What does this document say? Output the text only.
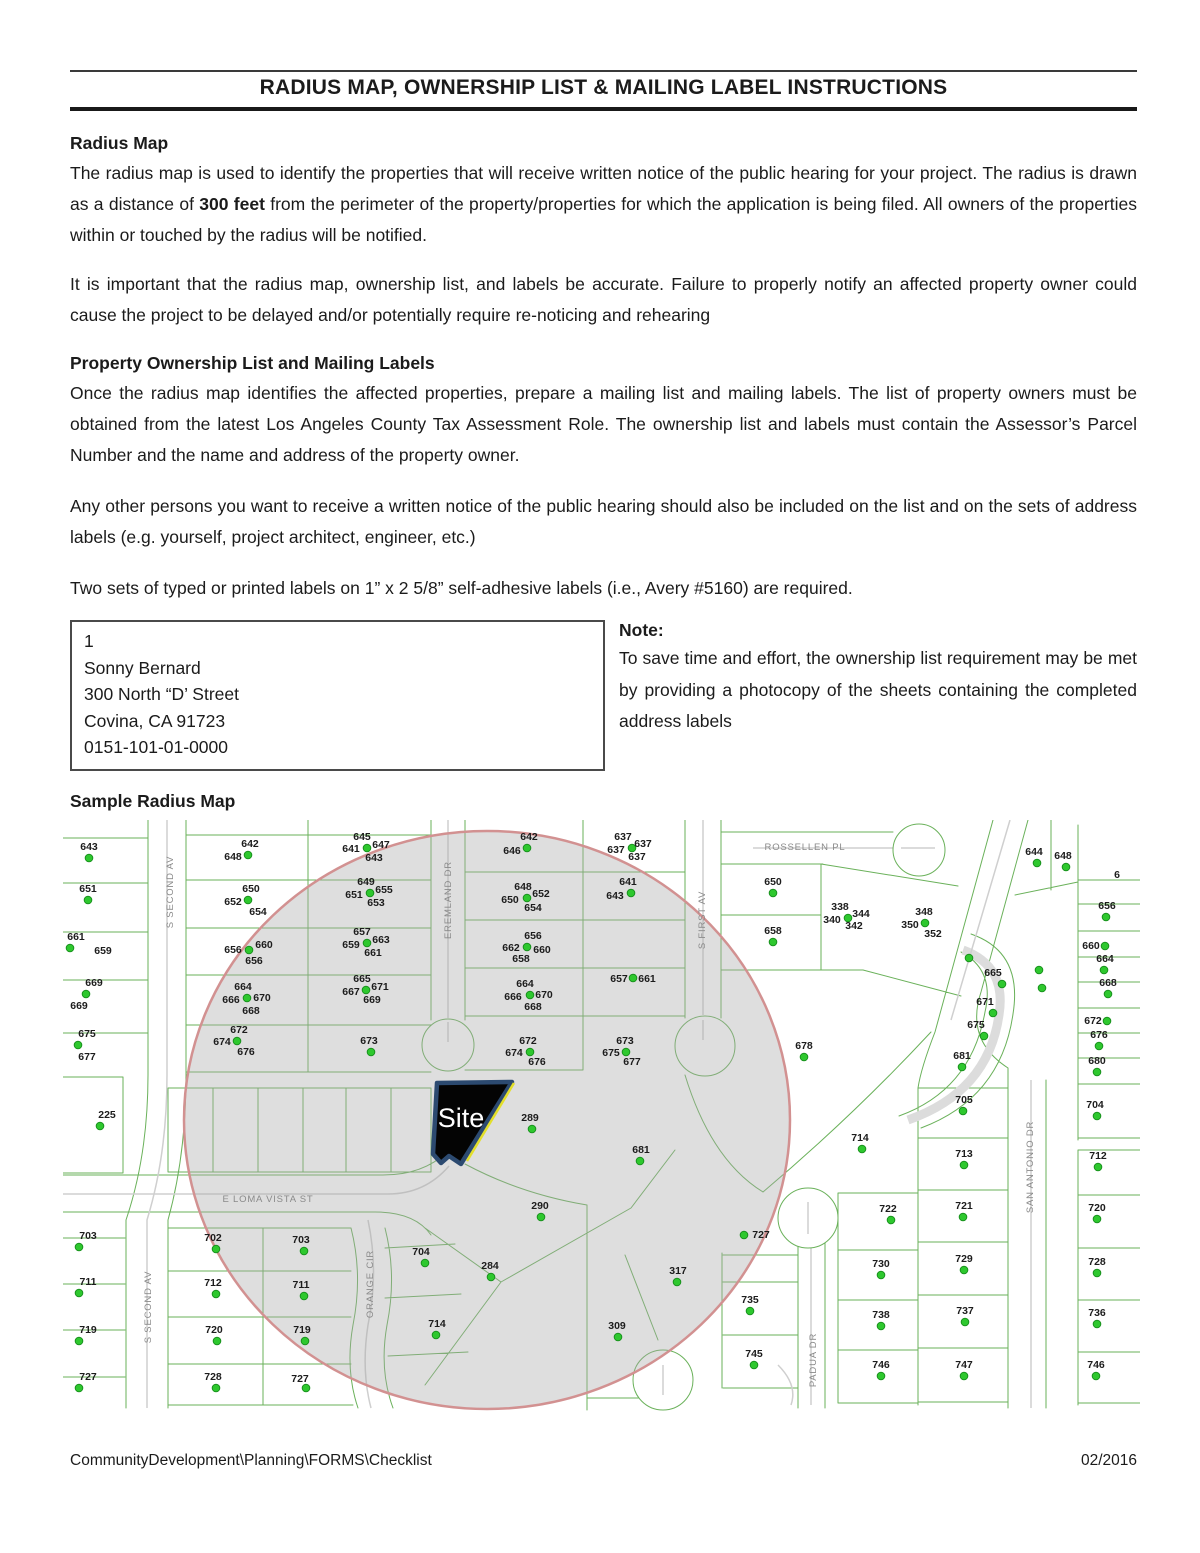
RADIUS MAP, OWNERSHIP LIST & MAILING LABEL INSTRUCTIONS
Radius Map

The radius map is used to identify the properties that will receive written notice of the public hearing for your project. The radius is drawn as a distance of 300 feet from the perimeter of the property/properties for which the application is being filed. All owners of the properties within or touched by the radius will be notified.

It is important that the radius map, ownership list, and labels be accurate. Failure to properly notify an affected property owner could cause the project to be delayed and/or potentially require re-noticing and rehearing

Property Ownership List and Mailing Labels

Once the radius map identifies the affected properties, prepare a mailing list and mailing labels. The list of property owners must be obtained from the latest Los Angeles County Tax Assessment Role. The ownership list and labels must contain the Assessor’s Parcel Number and the name and address of the property owner.

Any other persons you want to receive a written notice of the public hearing should also be included on the list and on the sets of address labels (e.g. yourself, project architect, engineer, etc.)

Two sets of typed or printed labels on 1” x 2 5/8” self-adhesive labels (i.e., Avery #5160) are required.

1
Sonny Bernard
300 North “D’ Street
Covina, CA 91723
0151-101-01-0000
Note:
To save time and effort, the ownership list requirement may be met by providing a photocopy of the sheets containing the completed address labels
Sample Radius Map
Site
643
651
661
659
669
669
675
677
225
703
711
719
727
642
648
650
652
654
656 660
656
664
666 670
668
672
674
676
645
641 647
643
649
651 655
653
657
659 663
661
665
667 671
669
673
642
646
648
650 652
654
656
662 660
658
664
666 670
668
672
674
676
637
637
637
637
641
643
657 661
673
675
677
681
289
290
284
714	309
317
727
702
712
720
728
703
711
719
727
704
678
714
722
681
705
713
721
665
671
675
644 648
6
656
660
664
668
672
676
680
704
712
720
728
736
746
730	729
738	737
746	747
735
745
650
658
338
340 344
342
348
350
352
S SECOND AV	EREMLAND DR	S FIRST AV
ROSSELLEN PL
E LOMA VISTA ST
S SECOND AV	ORANGE CIR
SAN ANTONIO DR
PADUA DR
CommunityDevelopment\Planning\FORMS\Checklist	02/2016
